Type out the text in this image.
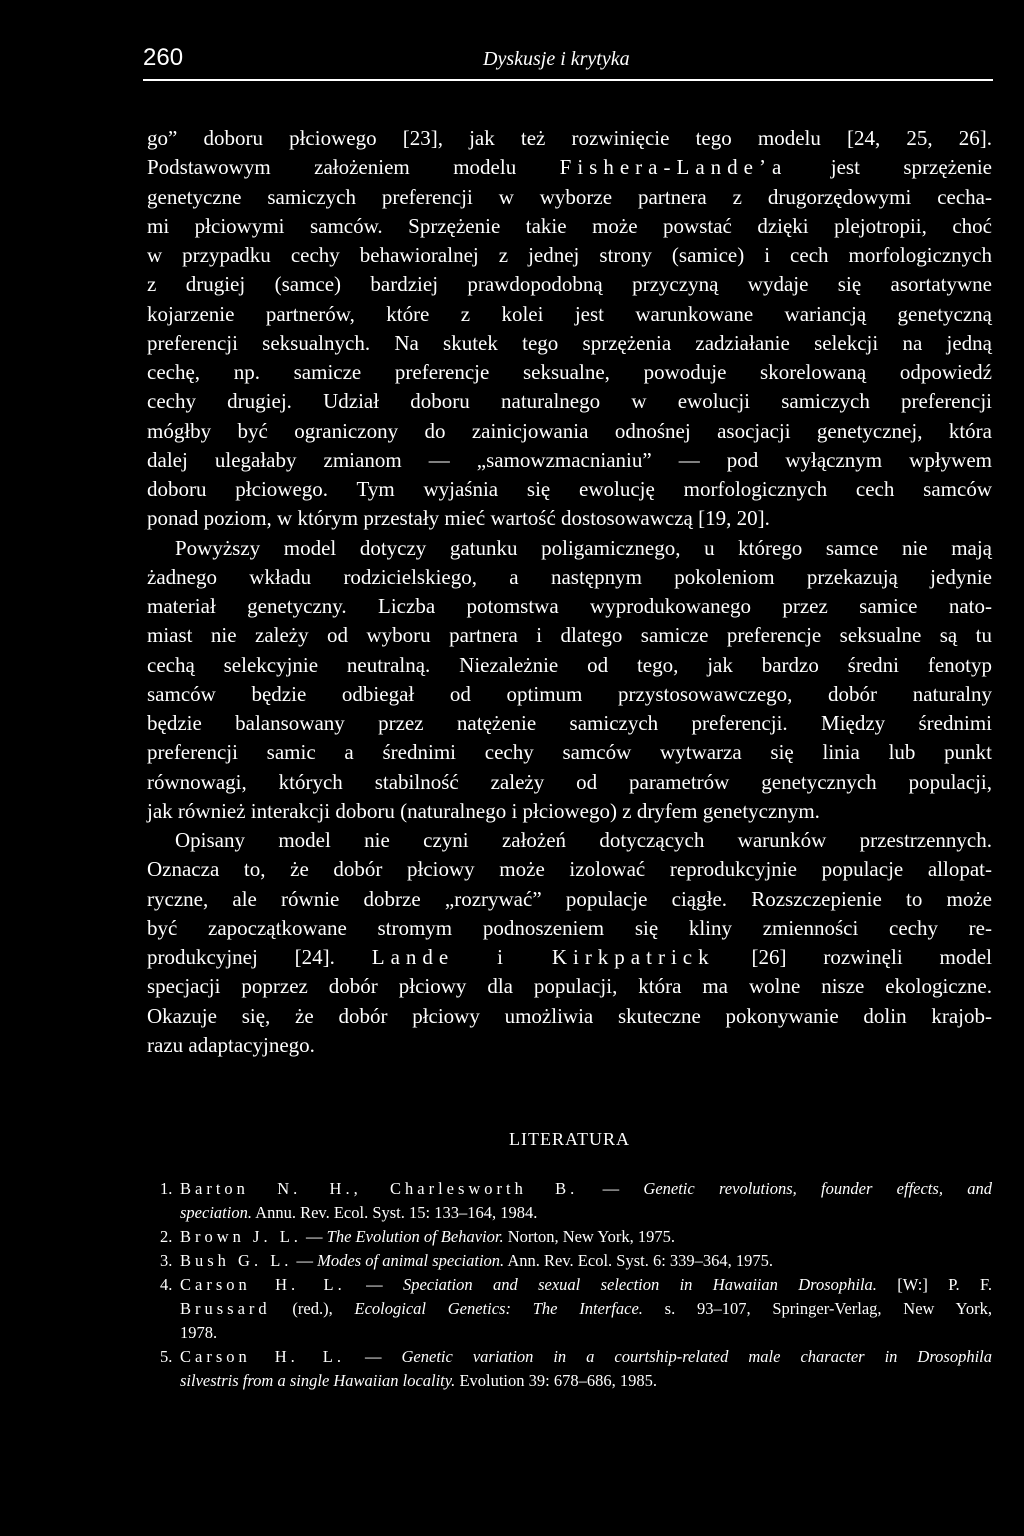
260	Dyskusje i krytyka
go” doboru płciowego [23], jak też rozwinięcie tego modelu [24, 25, 26].
Podstawowym założeniem modelu Fishera-Lande’a jest sprzężenie
genetyczne samiczych preferencji w wyborze partnera z drugorzędowymi cecha-
mi płciowymi samców. Sprzężenie takie może powstać dzięki plejotropii, choć
w przypadku cechy behawioralnej z jednej strony (samice) i cech morfologicznych
z drugiej (samce) bardziej prawdopodobną przyczyną wydaje się asortatywne
kojarzenie partnerów, które z kolei jest warunkowane wariancją genetyczną
preferencji seksualnych. Na skutek tego sprzężenia zadziałanie selekcji na jedną
cechę, np. samicze preferencje seksualne, powoduje skorelowaną odpowiedź
cechy drugiej. Udział doboru naturalnego w ewolucji samiczych preferencji
mógłby być ograniczony do zainicjowania odnośnej asocjacji genetycznej, która
dalej ulegałaby zmianom — „samowzmacnianiu” — pod wyłącznym wpływem
doboru płciowego. Tym wyjaśnia się ewolucję morfologicznych cech samców
ponad poziom, w którym przestały mieć wartość dostosowawczą [19, 20].
Powyższy model dotyczy gatunku poligamicznego, u którego samce nie mają
żadnego wkładu rodzicielskiego, a następnym pokoleniom przekazują jedynie
materiał genetyczny. Liczba potomstwa wyprodukowanego przez samice nato-
miast nie zależy od wyboru partnera i dlatego samicze preferencje seksualne są tu
cechą selekcyjnie neutralną. Niezależnie od tego, jak bardzo średni fenotyp
samców będzie odbiegał od optimum przystosowawczego, dobór naturalny
będzie balansowany przez natężenie samiczych preferencji. Między średnimi
preferencji samic a średnimi cechy samców wytwarza się linia lub punkt
równowagi, których stabilność zależy od parametrów genetycznych populacji,
jak również interakcji doboru (naturalnego i płciowego) z dryfem genetycznym.
Opisany model nie czyni założeń dotyczących warunków przestrzennych.
Oznacza to, że dobór płciowy może izolować reprodukcyjnie populacje allopat-
ryczne, ale równie dobrze „rozrywać” populacje ciągłe. Rozszczepienie to może
być zapoczątkowane stromym podnoszeniem się kliny zmienności cechy re-
produkcyjnej [24]. Lande i Kirkpatrick [26] rozwinęli model
specjacji poprzez dobór płciowy dla populacji, która ma wolne nisze ekologiczne.
Okazuje się, że dobór płciowy umożliwia skuteczne pokonywanie dolin krajob-
razu adaptacyjnego.
LITERATURA
1. Barton N. H., Charlesworth B. — Genetic revolutions, founder effects, and
speciation. Annu. Rev. Ecol. Syst. 15: 133–164, 1984.
2. Brown J. L. — The Evolution of Behavior. Norton, New York, 1975.
3. Bush G. L. — Modes of animal speciation. Ann. Rev. Ecol. Syst. 6: 339–364, 1975.
4. Carson H. L. — Speciation and sexual selection in Hawaiian Drosophila. [W:] P. F.
Brussard (red.), Ecological Genetics: The Interface. s. 93–107, Springer-Verlag, New York,
1978.
5. Carson H. L. — Genetic variation in a courtship-related male character in Drosophila
silvestris from a single Hawaiian locality. Evolution 39: 678–686, 1985.
